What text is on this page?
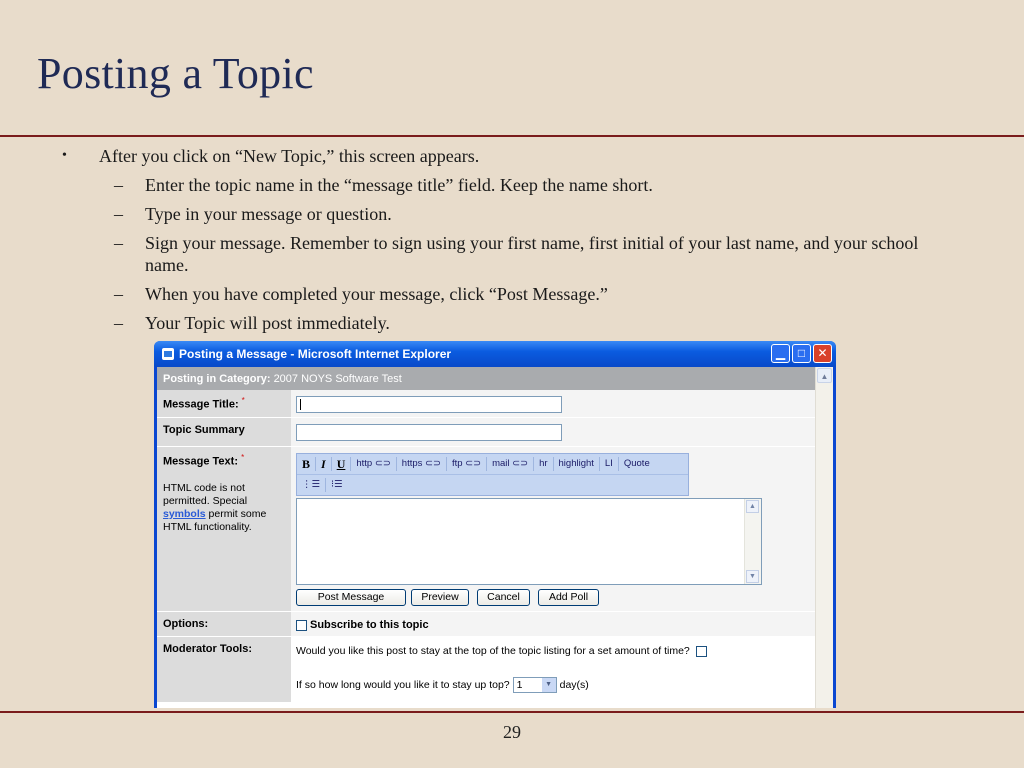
Posting a Topic
• After you click on “New Topic,” this screen appears.
– Enter the topic name in the “message title” field. Keep the name short.
– Type in your message or question.
– Sign your message. Remember to sign using your first name, first initial of your last name, and your school name.
– When you have completed your message, click “Post Message.”
– Your Topic will post immediately.
Posting a Message - Microsoft Internet Explorer	▁	□	✕
Posting in Category: 2007 NOYS Software Test
Message Title: *
Topic Summary
Message Text: *
HTML code is not permitted. Special symbols permit some HTML functionality.
B I U	http ⊂⊃	https ⊂⊃	ftp ⊂⊃	mail ⊂⊃	hr	highlight	LI	Quote
⋮☰	⁝☰
▲
▼
Post Message	Preview	Cancel	Add Poll
Options:	Subscribe to this topic
Moderator Tools:	Would you like this post to stay at the top of the topic listing for a set amount of time?
If so how long would you like it to stay up top? 1	▼ day(s)
▲
29
